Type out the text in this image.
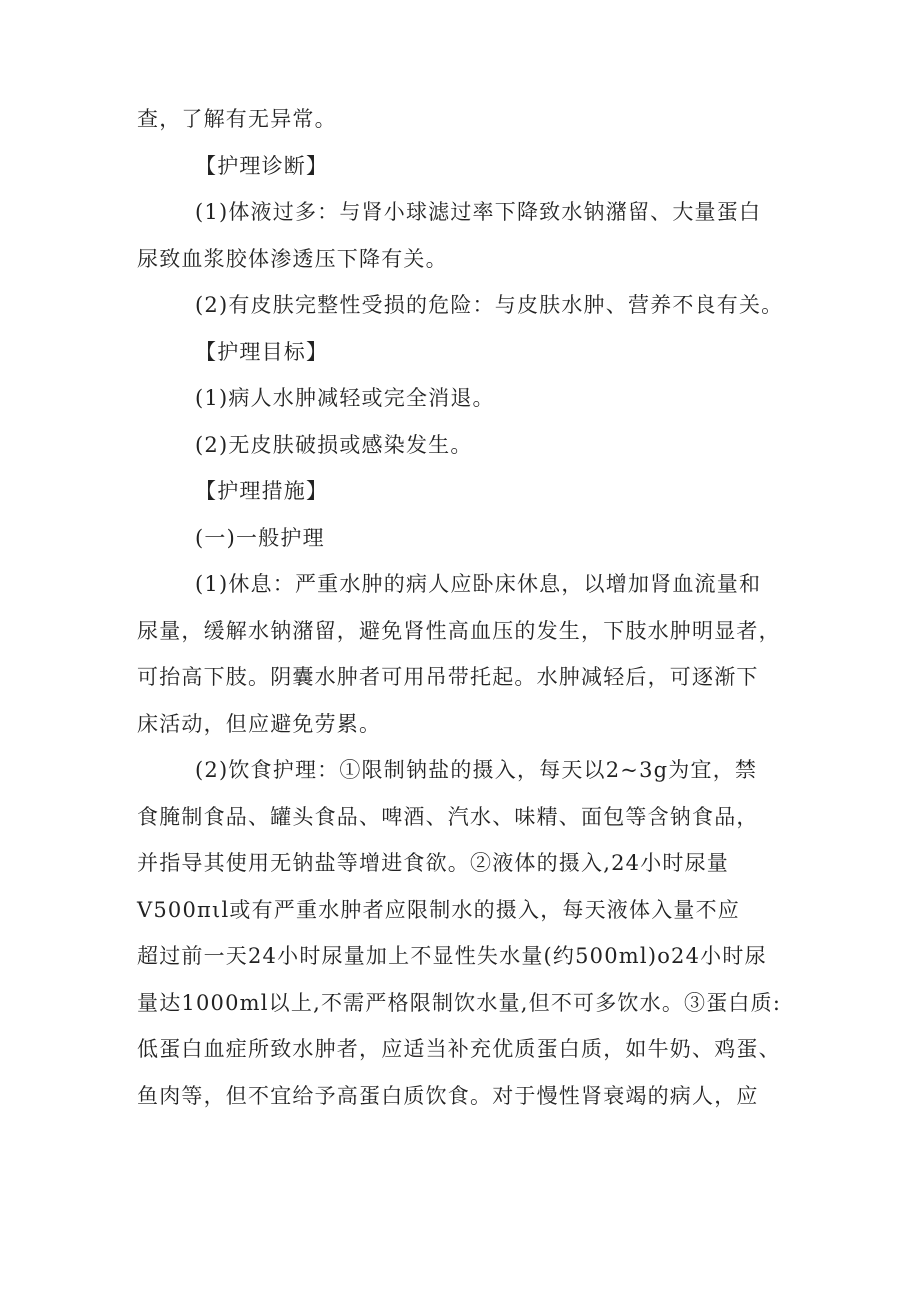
查，了解有无异常。
【护理诊断】
(1)体液过多：与肾小球滤过率下降致水钠潴留、大量蛋白
尿致血浆胶体渗透压下降有关。
(2)有皮肤完整性受损的危险：与皮肤水肿、营养不良有关。
【护理目标】
(1)病人水肿减轻或完全消退。
(2)无皮肤破损或感染发生。
【护理措施】
(一)一般护理
(1)休息：严重水肿的病人应卧床休息，以增加肾血流量和
尿量，缓解水钠潴留，避免肾性高血压的发生，下肢水肿明显者，
可抬高下肢。阴囊水肿者可用吊带托起。水肿减轻后，可逐渐下
床活动，但应避免劳累。
(2)饮食护理：①限制钠盐的摄入，每天以2~3g为宜，禁
食腌制食品、罐头食品、啤酒、汽水、味精、面包等含钠食品，
并指导其使用无钠盐等增进食欲。②液体的摄入,24小时尿量
V500πιl或有严重水肿者应限制水的摄入，每天液体入量不应
超过前一天24小时尿量加上不显性失水量(约500ml)o24小时尿
量达1000ml以上,不需严格限制饮水量,但不可多饮水。③蛋白质:
低蛋白血症所致水肿者，应适当补充优质蛋白质，如牛奶、鸡蛋、
鱼肉等，但不宜给予高蛋白质饮食。对于慢性肾衰竭的病人，应
